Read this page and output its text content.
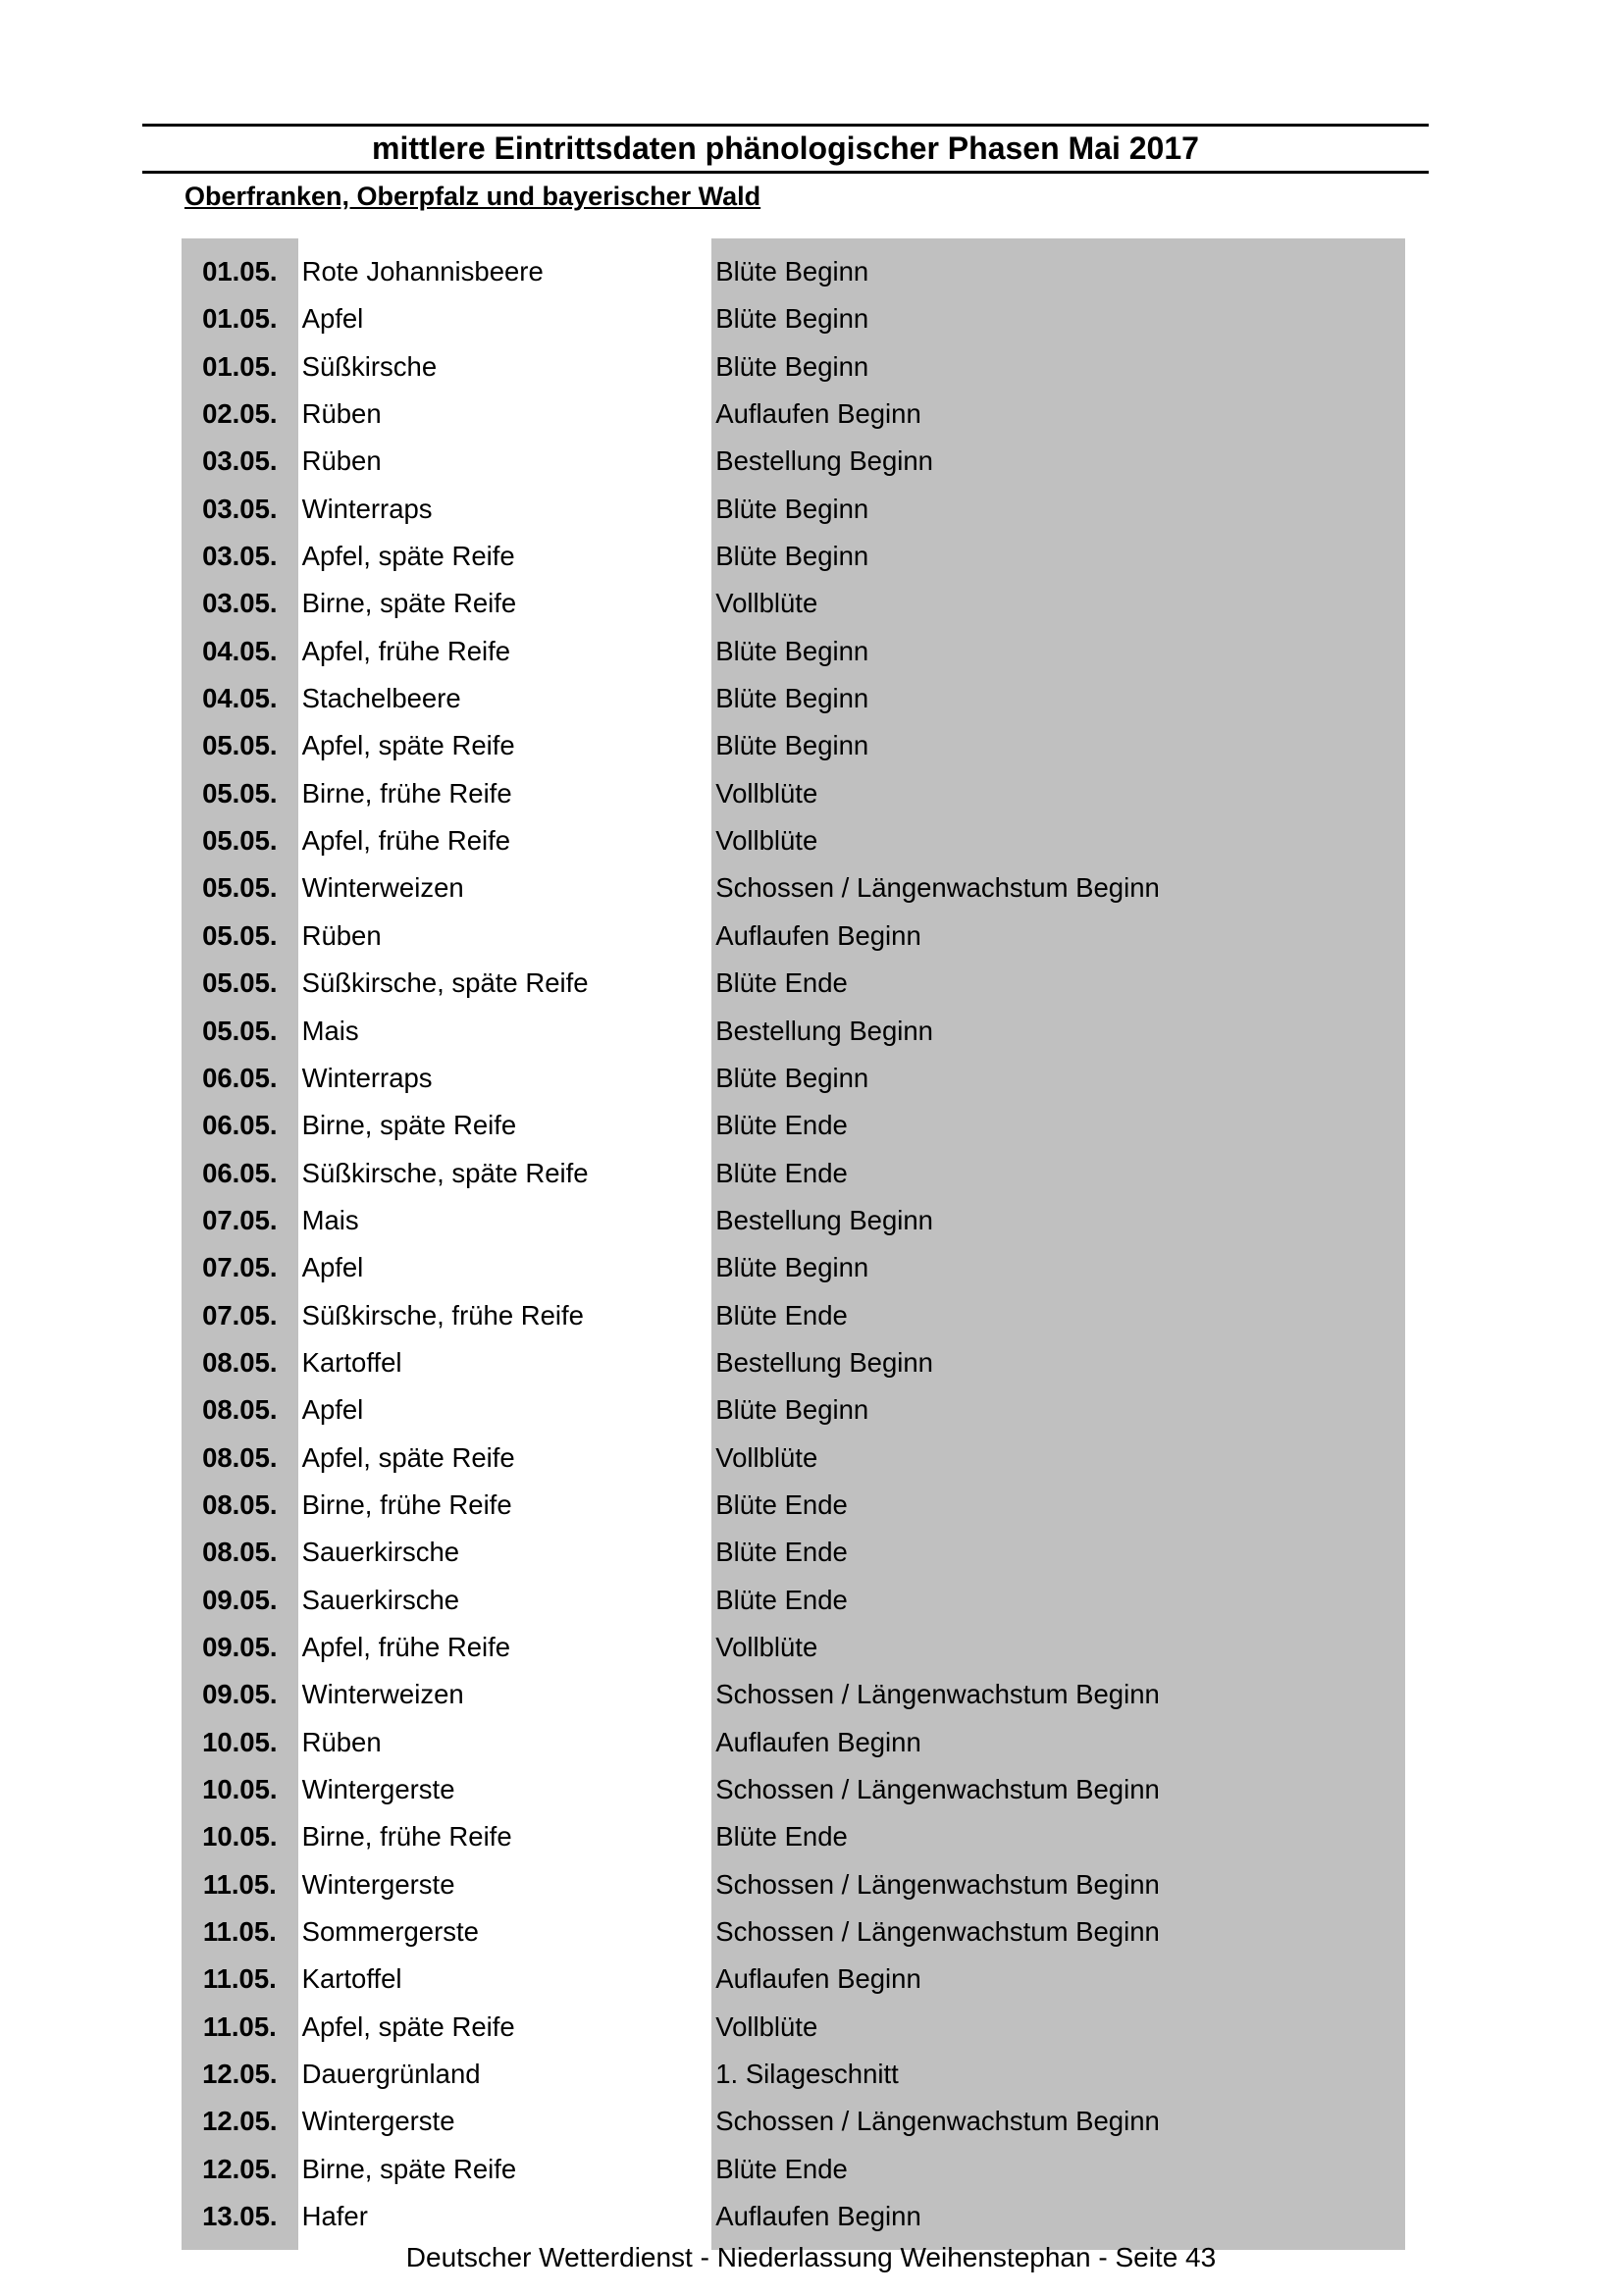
mittlere Eintrittsdaten phänologischer Phasen Mai 2017
Oberfranken, Oberpfalz und bayerischer Wald
01.05. Rote Johannisbeere	Blüte Beginn
01.05. Apfel	Blüte Beginn
01.05. Süßkirsche	Blüte Beginn
02.05. Rüben	Auflaufen Beginn
03.05. Rüben	Bestellung Beginn
03.05. Winterraps	Blüte Beginn
03.05. Apfel, späte Reife	Blüte Beginn
03.05. Birne, späte Reife	Vollblüte
04.05. Apfel, frühe Reife	Blüte Beginn
04.05. Stachelbeere	Blüte Beginn
05.05. Apfel, späte Reife	Blüte Beginn
05.05. Birne, frühe Reife	Vollblüte
05.05. Apfel, frühe Reife	Vollblüte
05.05. Winterweizen	Schossen / Längenwachstum Beginn
05.05. Rüben	Auflaufen Beginn
05.05. Süßkirsche, späte Reife	Blüte Ende
05.05. Mais	Bestellung Beginn
06.05. Winterraps	Blüte Beginn
06.05. Birne, späte Reife	Blüte Ende
06.05. Süßkirsche, späte Reife	Blüte Ende
07.05. Mais	Bestellung Beginn
07.05. Apfel	Blüte Beginn
07.05. Süßkirsche, frühe Reife	Blüte Ende
08.05. Kartoffel	Bestellung Beginn
08.05. Apfel	Blüte Beginn
08.05. Apfel, späte Reife	Vollblüte
08.05. Birne, frühe Reife	Blüte Ende
08.05. Sauerkirsche	Blüte Ende
09.05. Sauerkirsche	Blüte Ende
09.05. Apfel, frühe Reife	Vollblüte
09.05. Winterweizen	Schossen / Längenwachstum Beginn
10.05. Rüben	Auflaufen Beginn
10.05. Wintergerste	Schossen / Längenwachstum Beginn
10.05. Birne, frühe Reife	Blüte Ende
11.05. Wintergerste	Schossen / Längenwachstum Beginn
11.05. Sommergerste	Schossen / Längenwachstum Beginn
11.05. Kartoffel	Auflaufen Beginn
11.05. Apfel, späte Reife	Vollblüte
12.05. Dauergrünland	1. Silageschnitt
12.05. Wintergerste	Schossen / Längenwachstum Beginn
12.05. Birne, späte Reife	Blüte Ende
13.05. Hafer	Auflaufen Beginn
Deutscher Wetterdienst - Niederlassung Weihenstephan - Seite 43
